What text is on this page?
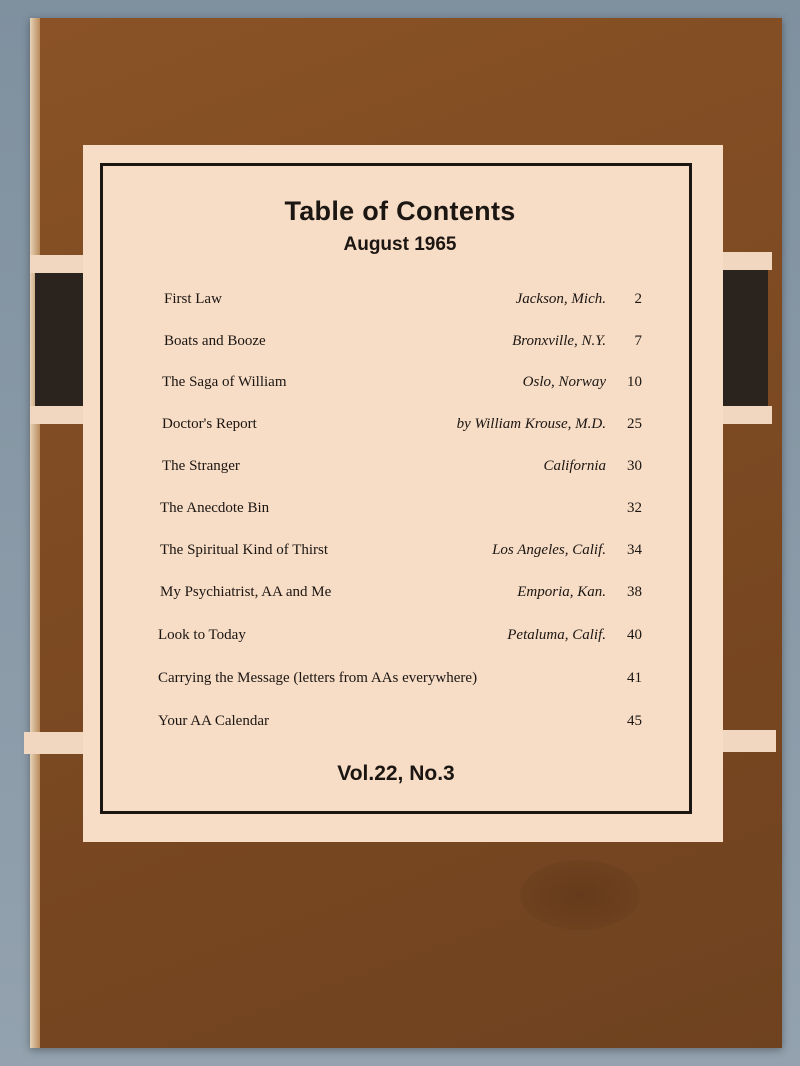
Table of Contents
August 1965
First Law	Jackson, Mich. 2
Boats and Booze	Bronxville, N.Y. 7
The Saga of William	Oslo, Norway 10
Doctor's Report	by William Krouse, M.D. 25
The Stranger	California 30
The Anecdote Bin	32
The Spiritual Kind of Thirst	Los Angeles, Calif. 34
My Psychiatrist, AA and Me	Emporia, Kan. 38
Look to Today	Petaluma, Calif. 40
Carrying the Message (letters from AAs everywhere)	41
Your AA Calendar	45
Vol.22, No.3
